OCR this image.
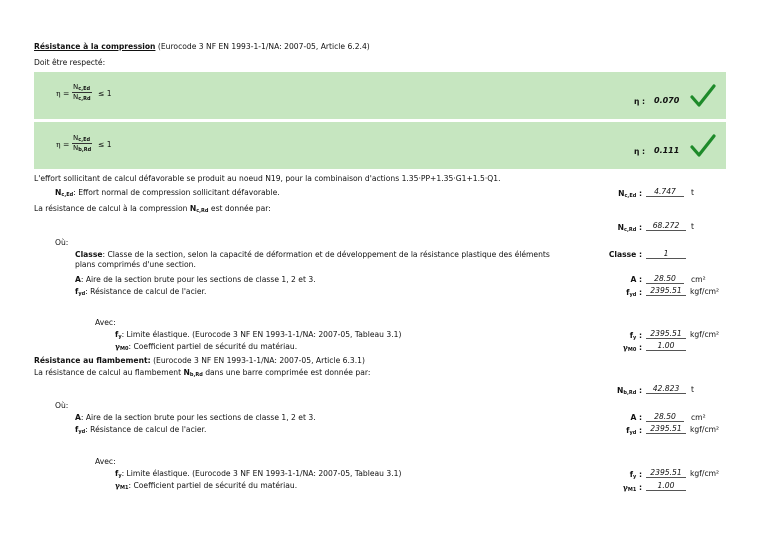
Résistance à la compression (Eurocode 3 NF EN 1993-1-1/NA: 2007-05, Article 6.2.4)
Doit être respecté:
$\eta = \frac{N_{c,Ed}}{N_{c,Rd}} \le 1$
η : 0.070
$\eta = \frac{N_{c,Ed}}{N_{b,Rd}} \le 1$
η : 0.111
L'effort sollicitant de calcul défavorable se produit au noeud N19, pour la combinaison d'actions 1.35·PP+1.35·G1+1.5·Q1.
$N_{c,Ed}$: Effort normal de compression sollicitant défavorable.	$N_{c,Ed}$ :	4.747	t
La résistance de calcul à la compression $N_{c,Rd}$ est donnée par:
$N_{c,Rd}$ :	68.272	t
Où:
Classe: Classe de la section, selon la capacité de déformation et de développement de la résistance plastique des éléments
plans comprimés d'une section.
Classe :	1
A: Aire de la section brute pour les sections de classe 1, 2 et 3.	A :	28.50	cm²
$f_{yd}$: Résistance de calcul de l'acier.	$f_{yd}$ :	2395.51	kgf/cm²
Avec:
$f_y$: Limite élastique. (Eurocode 3 NF EN 1993-1-1/NA: 2007-05, Tableau 3.1)	$f_y$ :	2395.51	kgf/cm²
$\gamma_{M0}$: Coefficient partiel de sécurité du matériau.	$\gamma_{M0}$ :	1.00
Résistance au flambement: (Eurocode 3 NF EN 1993-1-1/NA: 2007-05, Article 6.3.1)
La résistance de calcul au flambement $N_{b,Rd}$ dans une barre comprimée est donnée par:
$N_{b,Rd}$ :	42.823	t
Où:
A: Aire de la section brute pour les sections de classe 1, 2 et 3.	A :	28.50	cm²
$f_{yd}$: Résistance de calcul de l'acier.	$f_{yd}$ :	2395.51	kgf/cm²
Avec:
$f_y$: Limite élastique. (Eurocode 3 NF EN 1993-1-1/NA: 2007-05, Tableau 3.1)	$f_y$ :	2395.51	kgf/cm²
$\gamma_{M1}$: Coefficient partiel de sécurité du matériau.	$\gamma_{M1}$ :	1.00
